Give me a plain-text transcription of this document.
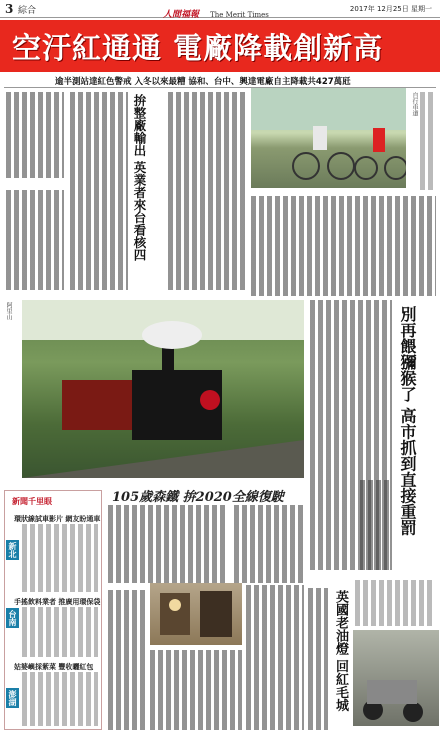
3 綜合	人間福報 The Merit Times
2017年 12月25日 星期一
空汙紅通通 電廠降載創新高
逾半測站達紅色警戒 入冬以來最糟 協和、台中、興達電廠自主降載共427萬瓩
拚整廠輸出 英業者來台看核四	自行車道
阿里山	別再餵獼猴了 高市抓到直接重罰
105歲森鐵 拚2020全線復駛
新聞千里眼
環狀線試車影片 網友盼通車
新北
手搖飲料業者 推廣用環保袋
台南
姑婆嶼採紫菜 豐收曬紅包
澎湖	英國老油燈 回紅毛城
